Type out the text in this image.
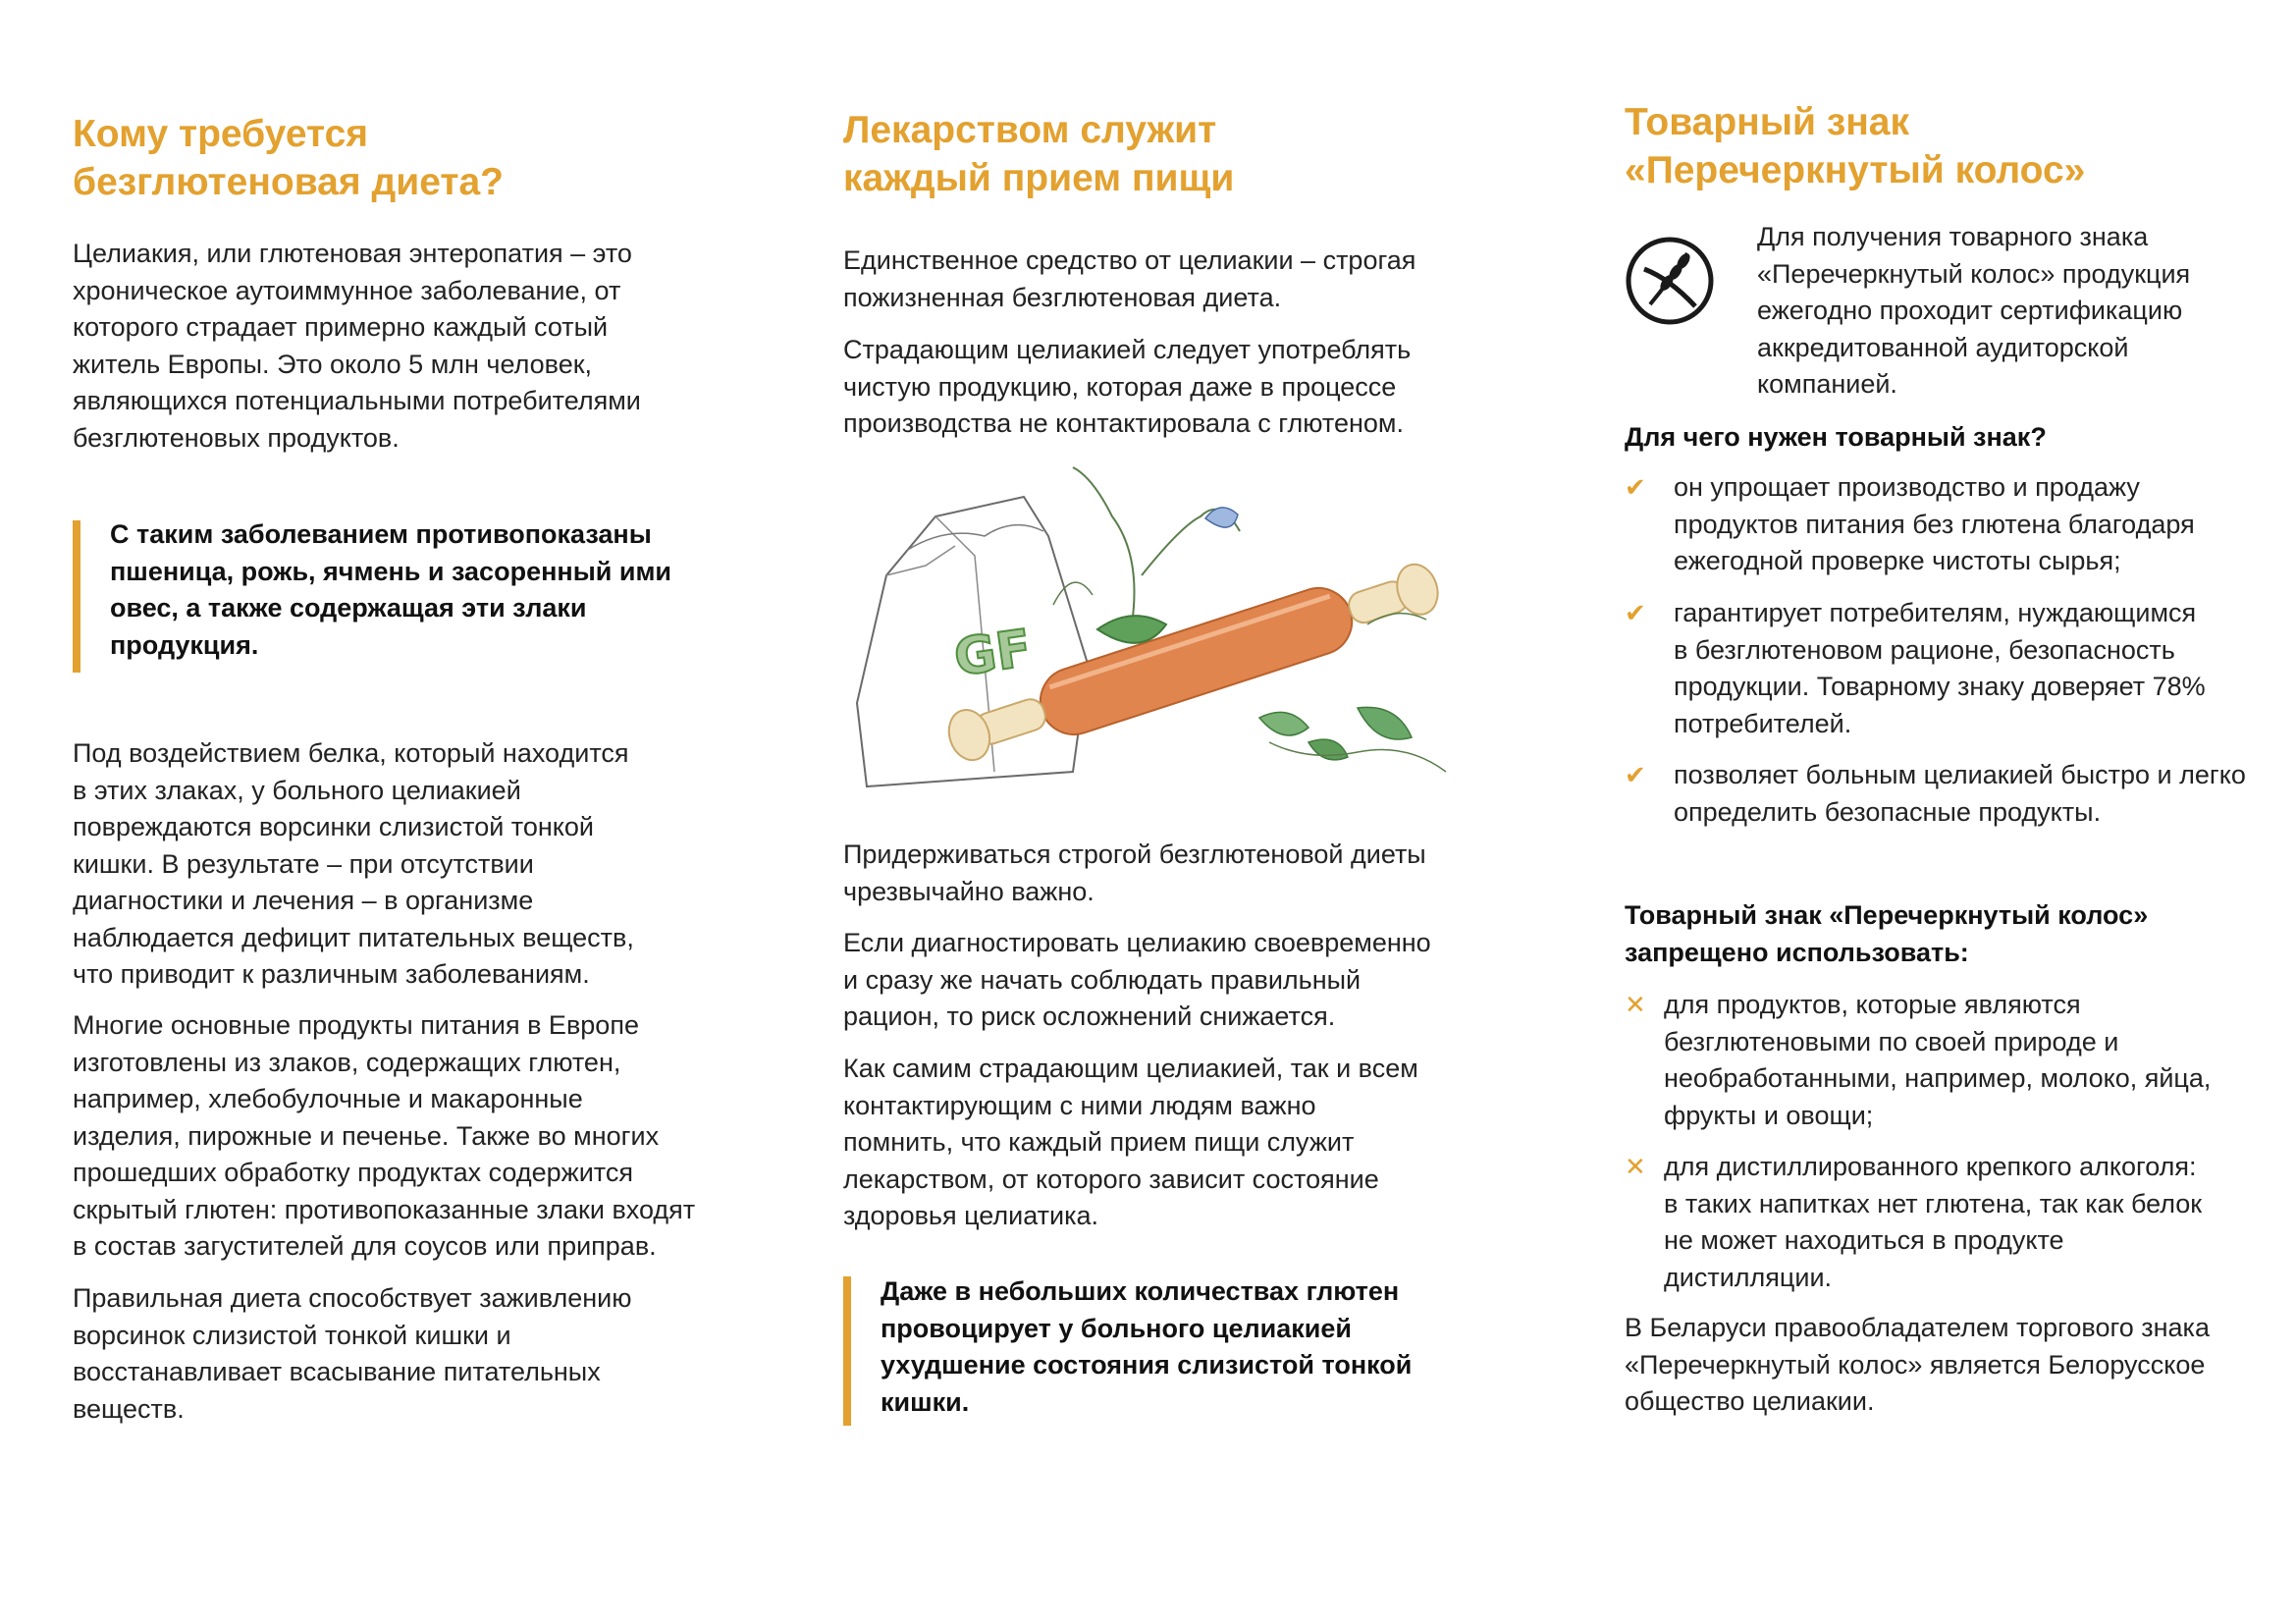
Кому требуется
безглютеновая диета?
Целиакия, или глютеновая энтеропатия – это
хроническое аутоиммунное заболевание, от
которого страдает примерно каждый сотый
житель Европы. Это около 5 млн человек,
являющихся потенциальными потребителями
безглютеновых продуктов.
С таким заболеванием противопоказаны
пшеница, рожь, ячмень и засоренный ими
овес, а также содержащая эти злаки
продукция.
Под воздействием белка, который находится
в этих злаках, у больного целиакией
повреждаются ворсинки слизистой тонкой
кишки. В результате – при отсутствии
диагностики и лечения – в организме
наблюдается дефицит питательных веществ,
что приводит к различным заболеваниям.
Многие основные продукты питания в Европе
изготовлены из злаков, содержащих глютен,
например, хлебобулочные и макаронные
изделия, пирожные и печенье. Также во многих
прошедших обработку продуктах содержится
скрытый глютен: противопоказанные злаки входят
в состав загустителей для соусов или приправ.
Правильная диета способствует заживлению
ворсинок слизистой тонкой кишки и
восстанавливает всасывание питательных
веществ.
Лекарством служит
каждый прием пищи
Единственное средство от целиакии – строгая
пожизненная безглютеновая диета.
Страдающим целиакией следует употреблять
чистую продукцию, которая даже в процессе
производства не контактировала с глютеном.
GF
Придерживаться строгой безглютеновой диеты
чрезвычайно важно.
Если диагностировать целиакию своевременно
и сразу же начать соблюдать правильный
рацион, то риск осложнений снижается.
Как самим страдающим целиакией, так и всем
контактирующим с ними людям важно
помнить, что каждый прием пищи служит
лекарством, от которого зависит состояние
здоровья целиатика.
Даже в небольших количествах глютен
провоцирует у больного целиакией
ухудшение состояния слизистой тонкой
кишки.
Товарный знак
«Перечеркнутый колос»
Для получения товарного знака
«Перечеркнутый колос» продукция
ежегодно проходит сертификацию
аккредитованной аудиторской
компанией.
Для чего нужен товарный знак?
✔ он упрощает производство и продажу
продуктов питания без глютена благодаря
ежегодной проверке чистоты сырья;
✔ гарантирует потребителям, нуждающимся
в безглютеновом рационе, безопасность
продукции. Товарному знаку доверяет 78%
потребителей.
✔ позволяет больным целиакией быстро и легко
определить безопасные продукты.
Товарный знак «Перечеркнутый колос»
запрещено использовать:
✕ для продуктов, которые являются
безглютеновыми по своей природе и
необработанными, например, молоко, яйца,
фрукты и овощи;
✕ для дистиллированного крепкого алкоголя:
в таких напитках нет глютена, так как белок
не может находиться в продукте
дистилляции.
В Беларуси правообладателем торгового знака
«Перечеркнутый колос» является Белорусское
общество целиакии.
